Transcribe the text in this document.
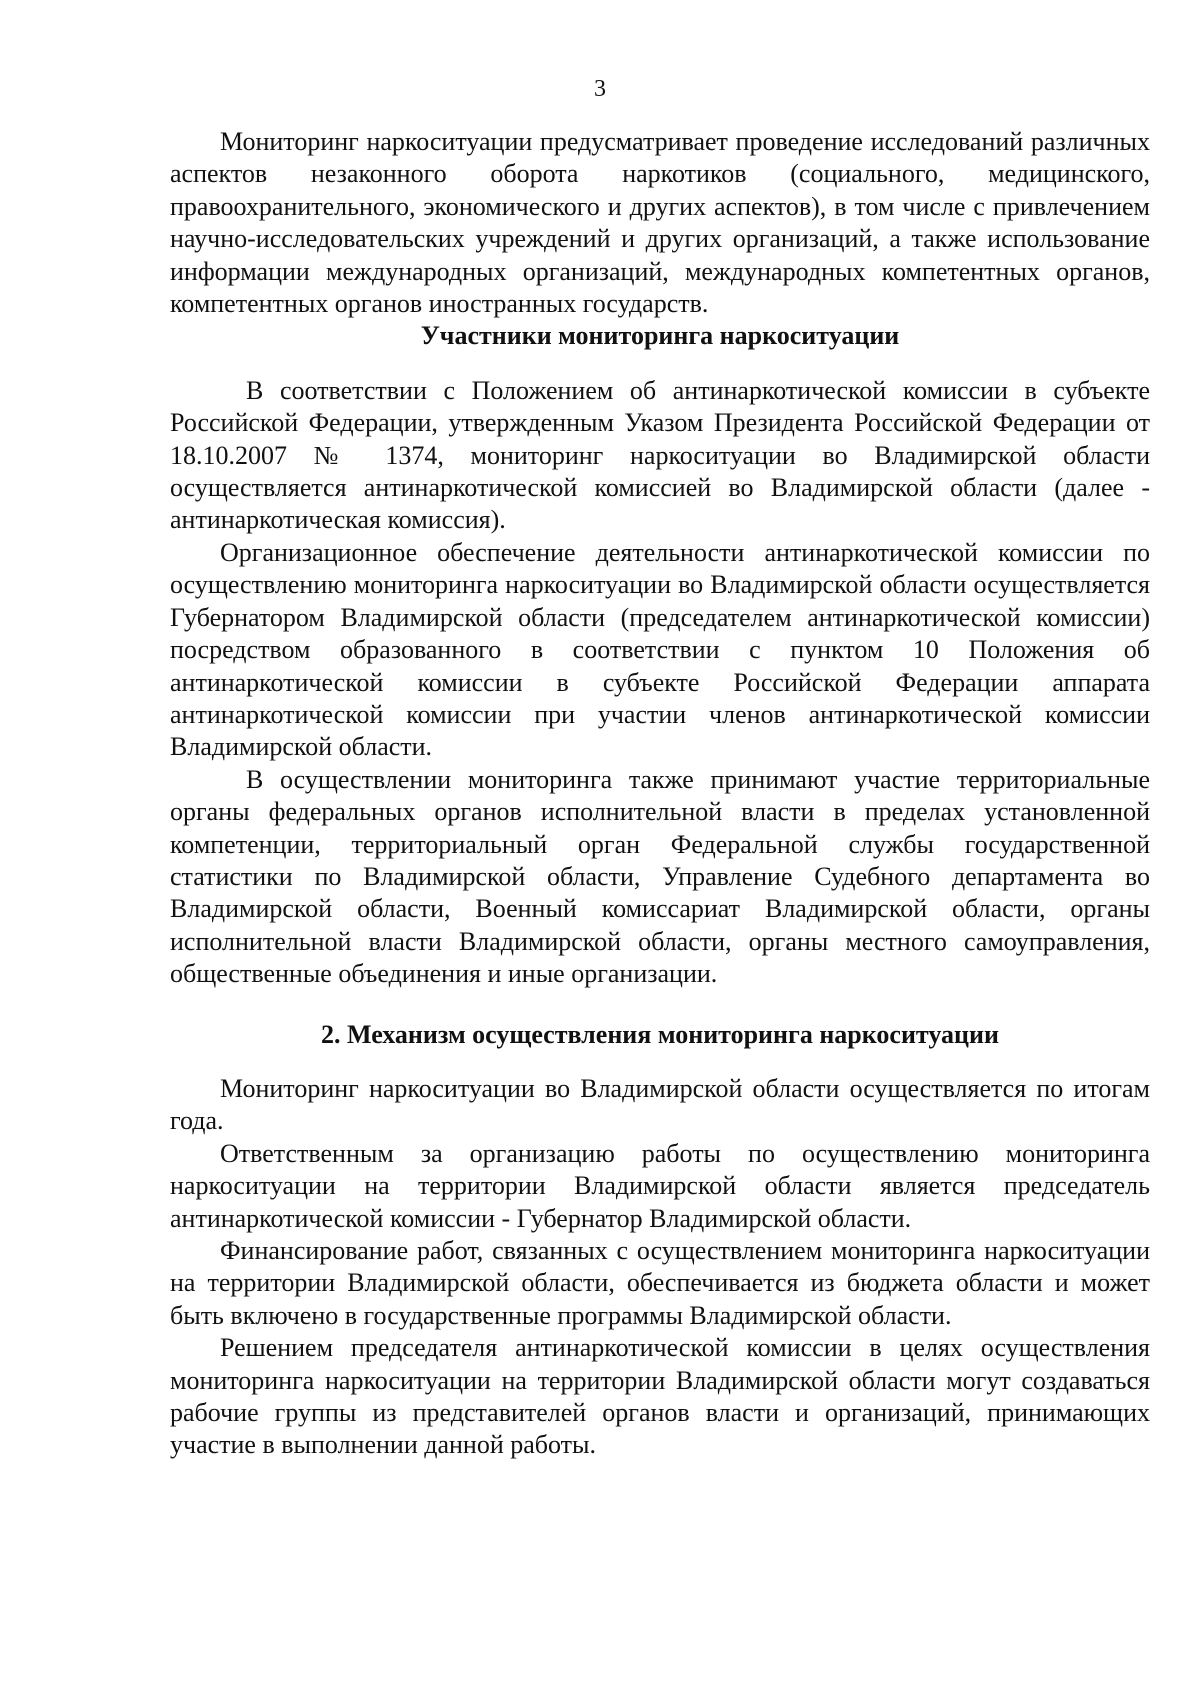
3

Мониторинг наркоситуации предусматривает проведение исследований различных аспектов незаконного оборота наркотиков (социального, медицинского, правоохранительного, экономического и других аспектов), в том числе с привлечением научно-исследовательских учреждений и других организаций, а также использование информации международных организаций, международных компетентных органов, компетентных органов иностранных государств.

Участники мониторинга наркоситуации

В соответствии с Положением об антинаркотической комиссии в субъекте Российской Федерации, утвержденным Указом Президента Российской Федерации от 18.10.2007 № 1374, мониторинг наркоситуации во Владимирской области осуществляется антинаркотической комиссией во Владимирской области (далее - антинаркотическая комиссия).

Организационное обеспечение деятельности антинаркотической комиссии по осуществлению мониторинга наркоситуации во Владимирской области осуществляется Губернатором Владимирской области (председателем антинаркотической комиссии) посредством образованного в соответствии с пунктом 10 Положения об антинаркотической комиссии в субъекте Российской Федерации аппарата антинаркотической комиссии при участии членов антинаркотической комиссии Владимирской области.

В осуществлении мониторинга также принимают участие территориальные органы федеральных органов исполнительной власти в пределах установленной компетенции, территориальный орган Федеральной службы государственной статистики по Владимирской области, Управление Судебного департамента во Владимирской области, Военный комиссариат Владимирской области, органы исполнительной власти Владимирской области, органы местного самоуправления, общественные объединения и иные организации.

2. Механизм осуществления мониторинга наркоситуации

Мониторинг наркоситуации во Владимирской области осуществляется по итогам года.

Ответственным за организацию работы по осуществлению мониторинга наркоситуации на территории Владимирской области является председатель антинаркотической комиссии - Губернатор Владимирской области.

Финансирование работ, связанных с осуществлением мониторинга наркоситуации на территории Владимирской области, обеспечивается из бюджета области и может быть включено в государственные программы Владимирской области.

Решением председателя антинаркотической комиссии в целях осуществления мониторинга наркоситуации на территории Владимирской области могут создаваться рабочие группы из представителей органов власти и организаций, принимающих участие в выполнении данной работы.
